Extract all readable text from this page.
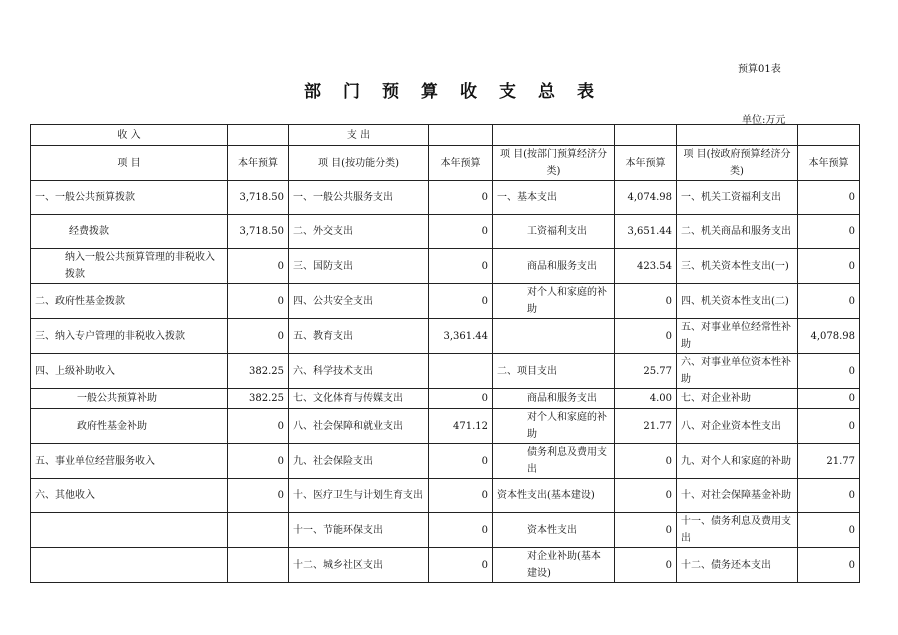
预算01表
部门预算收支总表
单位:万元
收 入		支 出					
项 目	本年预算	项 目(按功能分类)	本年预算	项 目(按部门预算经济分类)	本年预算	项 目(按政府预算经济分类)	本年预算
一、一般公共预算拨款	3,718.50	一、一般公共服务支出	0	一、基本支出	4,074.98	一、机关工资福利支出	0
经费拨款	3,718.50	二、外交支出	0	工资福利支出	3,651.44	二、机关商品和服务支出	0
纳入一般公共预算管理的非税收入拨款	0	三、国防支出	0	商品和服务支出	423.54	三、机关资本性支出(一)	0
二、政府性基金拨款	0	四、公共安全支出	0	对个人和家庭的补助	0	四、机关资本性支出(二)	0
三、纳入专户管理的非税收入拨款	0	五、教育支出	3,361.44		0	五、对事业单位经常性补助	4,078.98
四、上级补助收入	382.25	六、科学技术支出		二、项目支出	25.77	六、对事业单位资本性补助	0
一般公共预算补助	382.25	七、文化体育与传媒支出	0	商品和服务支出	4.00	七、对企业补助	0
政府性基金补助	0	八、社会保障和就业支出	471.12	对个人和家庭的补助	21.77	八、对企业资本性支出	0
五、事业单位经营服务收入	0	九、社会保险支出	0	债务利息及费用支出	0	九、对个人和家庭的补助	21.77
六、其他收入	0	十、医疗卫生与计划生育支出	0	资本性支出(基本建设)	0	十、对社会保障基金补助	0
		十一、节能环保支出	0	资本性支出	0	十一、债务利息及费用支出	0
		十二、城乡社区支出	0	对企业补助(基本建设)	0	十二、债务还本支出	0
